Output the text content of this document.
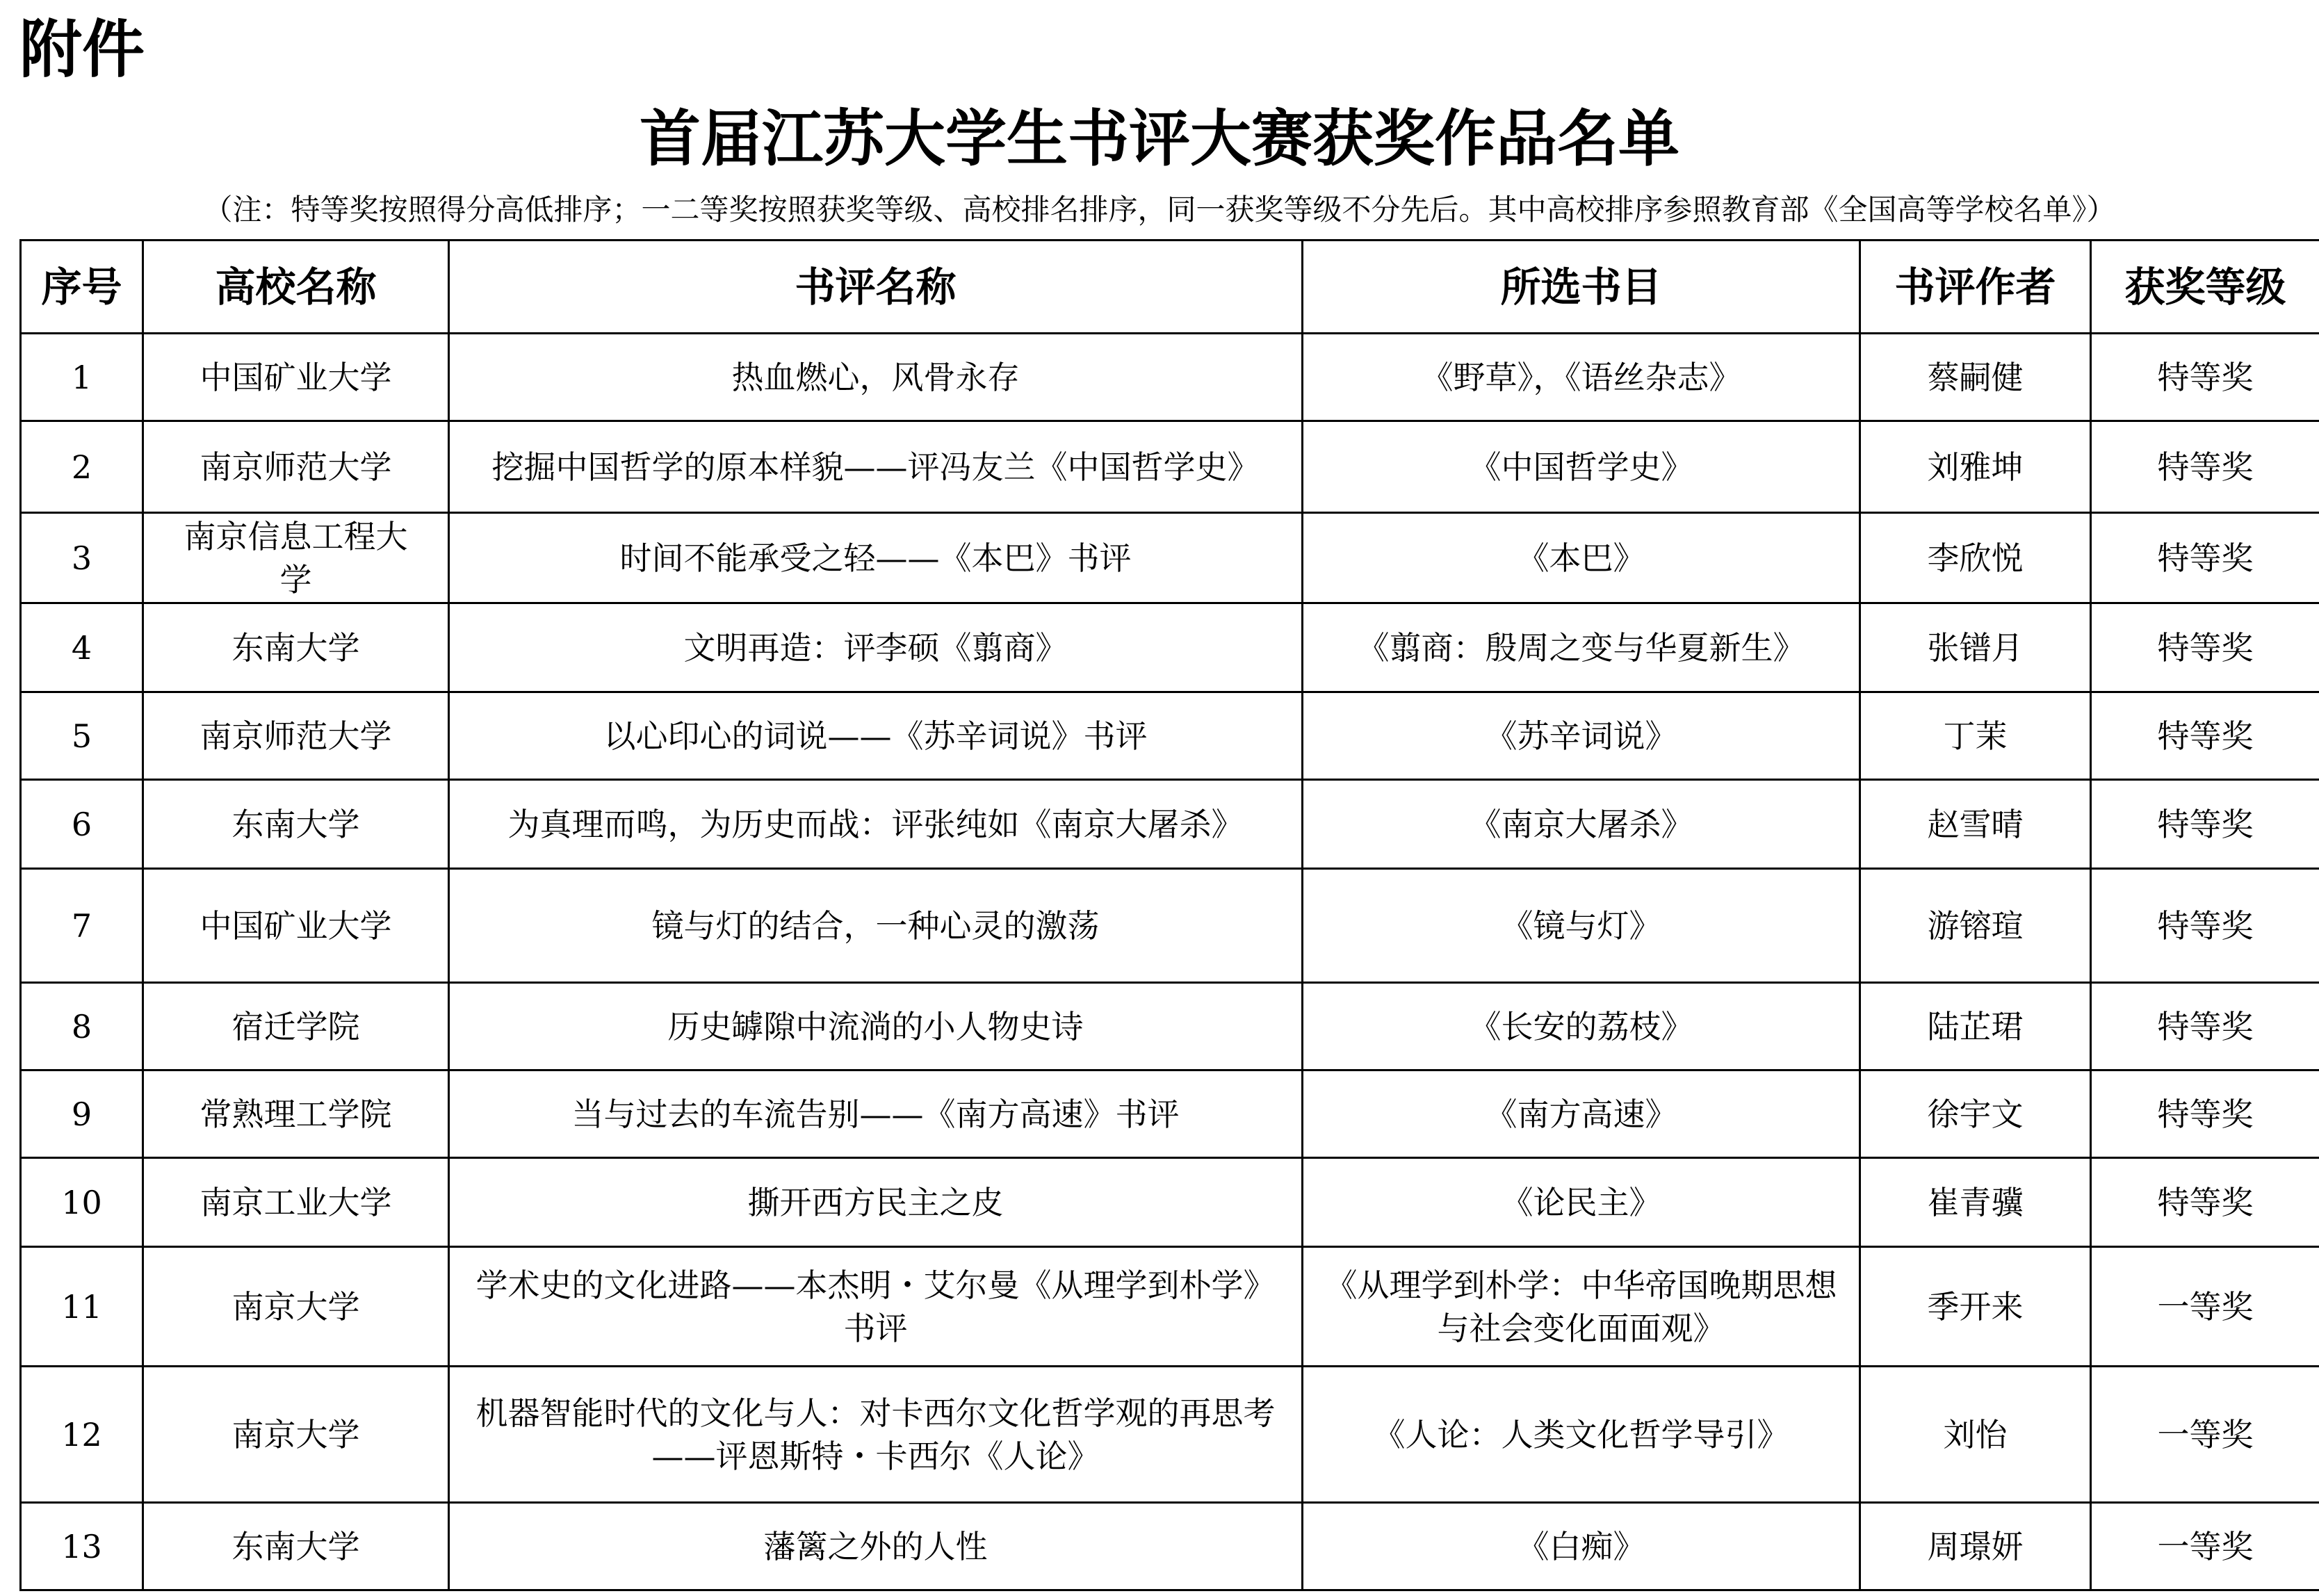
附件
首届江苏大学生书评大赛获奖作品名单

（注：特等奖按照得分高低排序；一二等奖按照获奖等级、高校排名排序，同一获奖等级不分先后。其中高校排序参照教育部《全国高等学校名单》）

序号	高校名称	书评名称	所选书目	书评作者	获奖等级
1	中国矿业大学	热血燃心，风骨永存	《野草》，《语丝杂志》	蔡嗣健	特等奖
2	南京师范大学	挖掘中国哲学的原本样貌——评冯友兰《中国哲学史》	《中国哲学史》	刘雅坤	特等奖
3	南京信息工程大学	时间不能承受之轻——《本巴》书评	《本巴》	李欣悦	特等奖
4	东南大学	文明再造：评李硕《翦商》	《翦商：殷周之变与华夏新生》	张镨月	特等奖
5	南京师范大学	以心印心的词说——《苏辛词说》书评	《苏辛词说》	丁茉	特等奖
6	东南大学	为真理而鸣，为历史而战：评张纯如《南京大屠杀》	《南京大屠杀》	赵雪晴	特等奖
7	中国矿业大学	镜与灯的结合，一种心灵的激荡	《镜与灯》	游镕瑄	特等奖
8	宿迁学院	历史罅隙中流淌的小人物史诗	《长安的荔枝》	陆芷珺	特等奖
9	常熟理工学院	当与过去的车流告别——《南方高速》书评	《南方高速》	徐宇文	特等奖
10	南京工业大学	撕开西方民主之皮	《论民主》	崔青骥	特等奖
11	南京大学	学术史的文化进路——本杰明・艾尔曼《从理学到朴学》书评	《从理学到朴学：中华帝国晚期思想与社会变化面面观》	季开来	一等奖
12	南京大学	机器智能时代的文化与人：对卡西尔文化哲学观的再思考 ——评恩斯特・卡西尔《人论》	《人论：人类文化哲学导引》	刘怡	一等奖
13	东南大学	藩篱之外的人性	《白痴》	周璟妍	一等奖
